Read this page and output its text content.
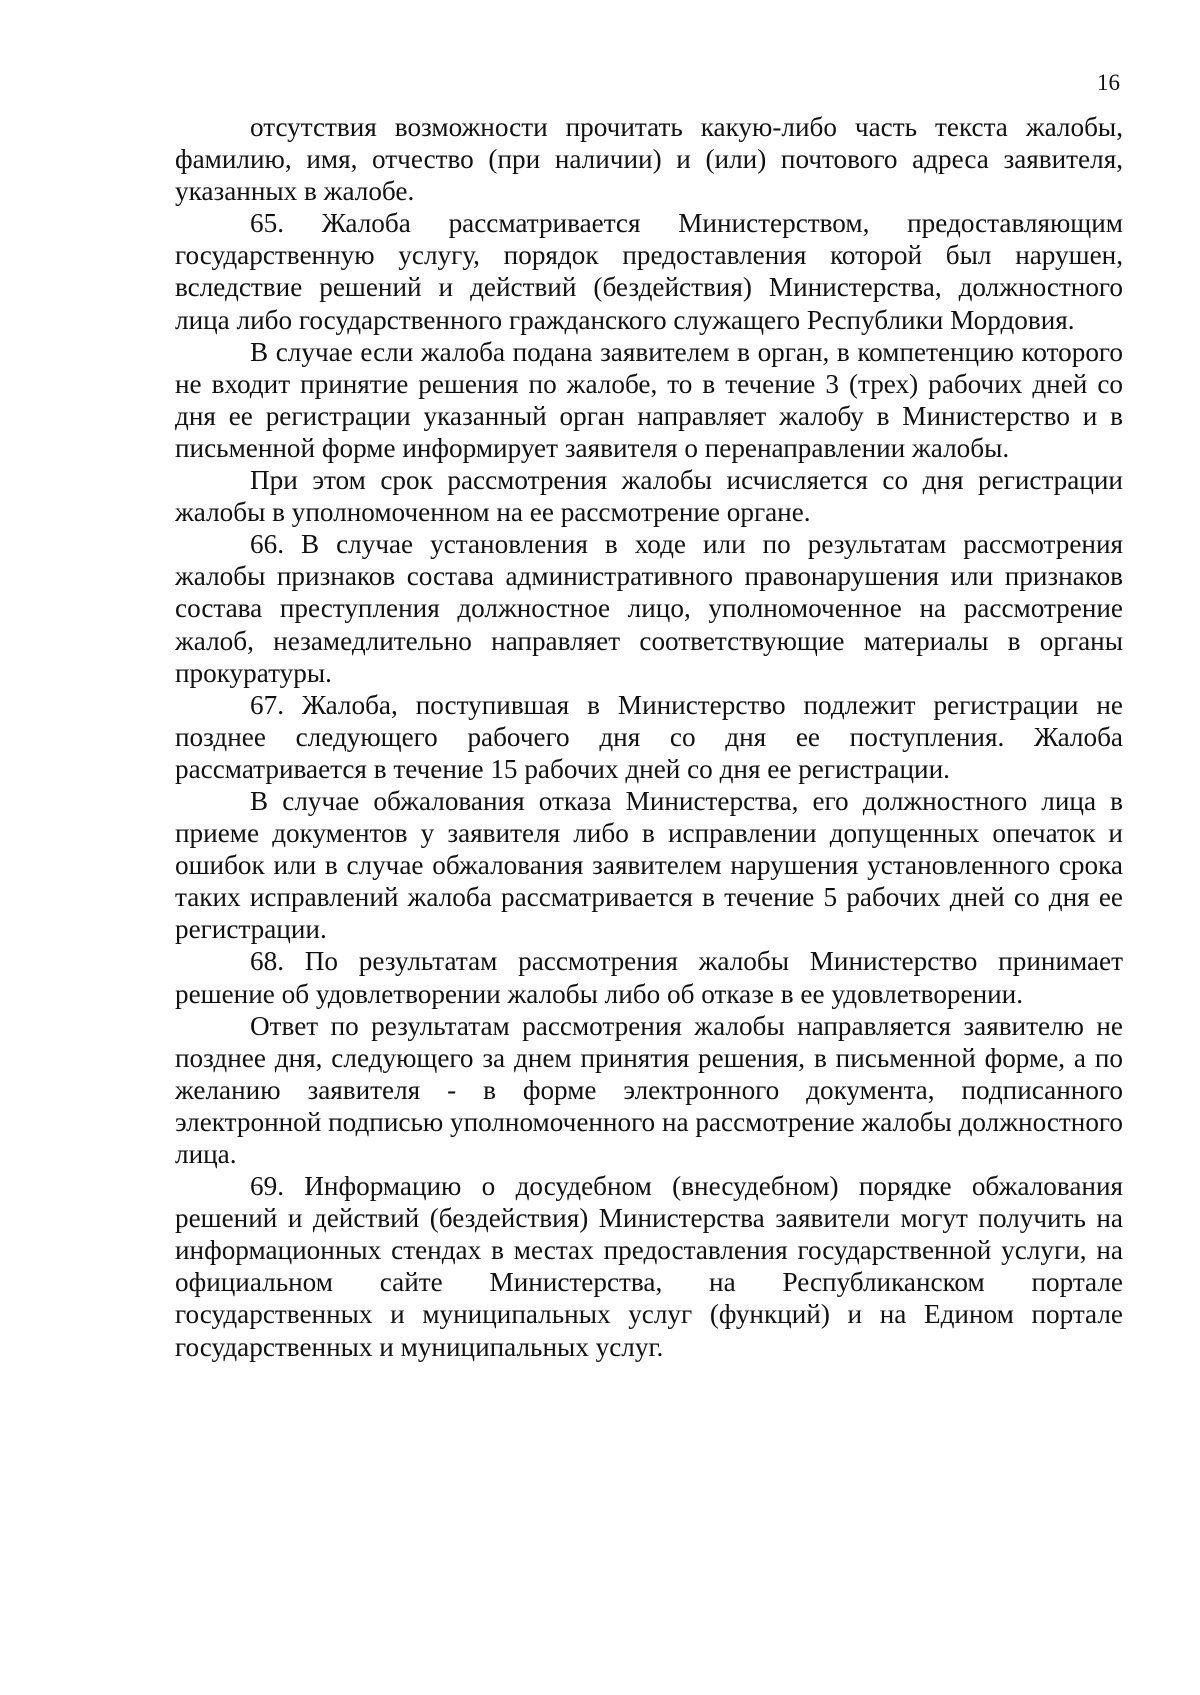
16

отсутствия возможности прочитать какую-либо часть текста жалобы, фамилию, имя, отчество (при наличии) и (или) почтового адреса заявителя, указанных в жалобе.

65. Жалоба рассматривается Министерством, предоставляющим государственную услугу, порядок предоставления которой был нарушен, вследствие решений и действий (бездействия) Министерства, должностного лица либо государственного гражданского служащего Республики Мордовия.

В случае если жалоба подана заявителем в орган, в компетенцию которого не входит принятие решения по жалобе, то в течение 3 (трех) рабочих дней со дня ее регистрации указанный орган направляет жалобу в Министерство и в письменной форме информирует заявителя о перенаправлении жалобы.

При этом срок рассмотрения жалобы исчисляется со дня регистрации жалобы в уполномоченном на ее рассмотрение органе.

66. В случае установления в ходе или по результатам рассмотрения жалобы признаков состава административного правонарушения или признаков состава преступления должностное лицо, уполномоченное на рассмотрение жалоб, незамедлительно направляет соответствующие материалы в органы прокуратуры.

67. Жалоба, поступившая в Министерство подлежит регистрации не позднее следующего рабочего дня со дня ее поступления. Жалоба рассматривается в течение 15 рабочих дней со дня ее регистрации.

В случае обжалования отказа Министерства, его должностного лица в приеме документов у заявителя либо в исправлении допущенных опечаток и ошибок или в случае обжалования заявителем нарушения установленного срока таких исправлений жалоба рассматривается в течение 5 рабочих дней со дня ее регистрации.

68. По результатам рассмотрения жалобы Министерство принимает решение об удовлетворении жалобы либо об отказе в ее удовлетворении.

Ответ по результатам рассмотрения жалобы направляется заявителю не позднее дня, следующего за днем принятия решения, в письменной форме, а по желанию заявителя - в форме электронного документа, подписанного электронной подписью уполномоченного на рассмотрение жалобы должностного лица.

69. Информацию о досудебном (внесудебном) порядке обжалования решений и действий (бездействия) Министерства заявители могут получить на информационных стендах в местах предоставления государственной услуги, на официальном сайте Министерства, на Республиканском портале государственных и муниципальных услуг (функций) и на Едином портале государственных и муниципальных услуг.
